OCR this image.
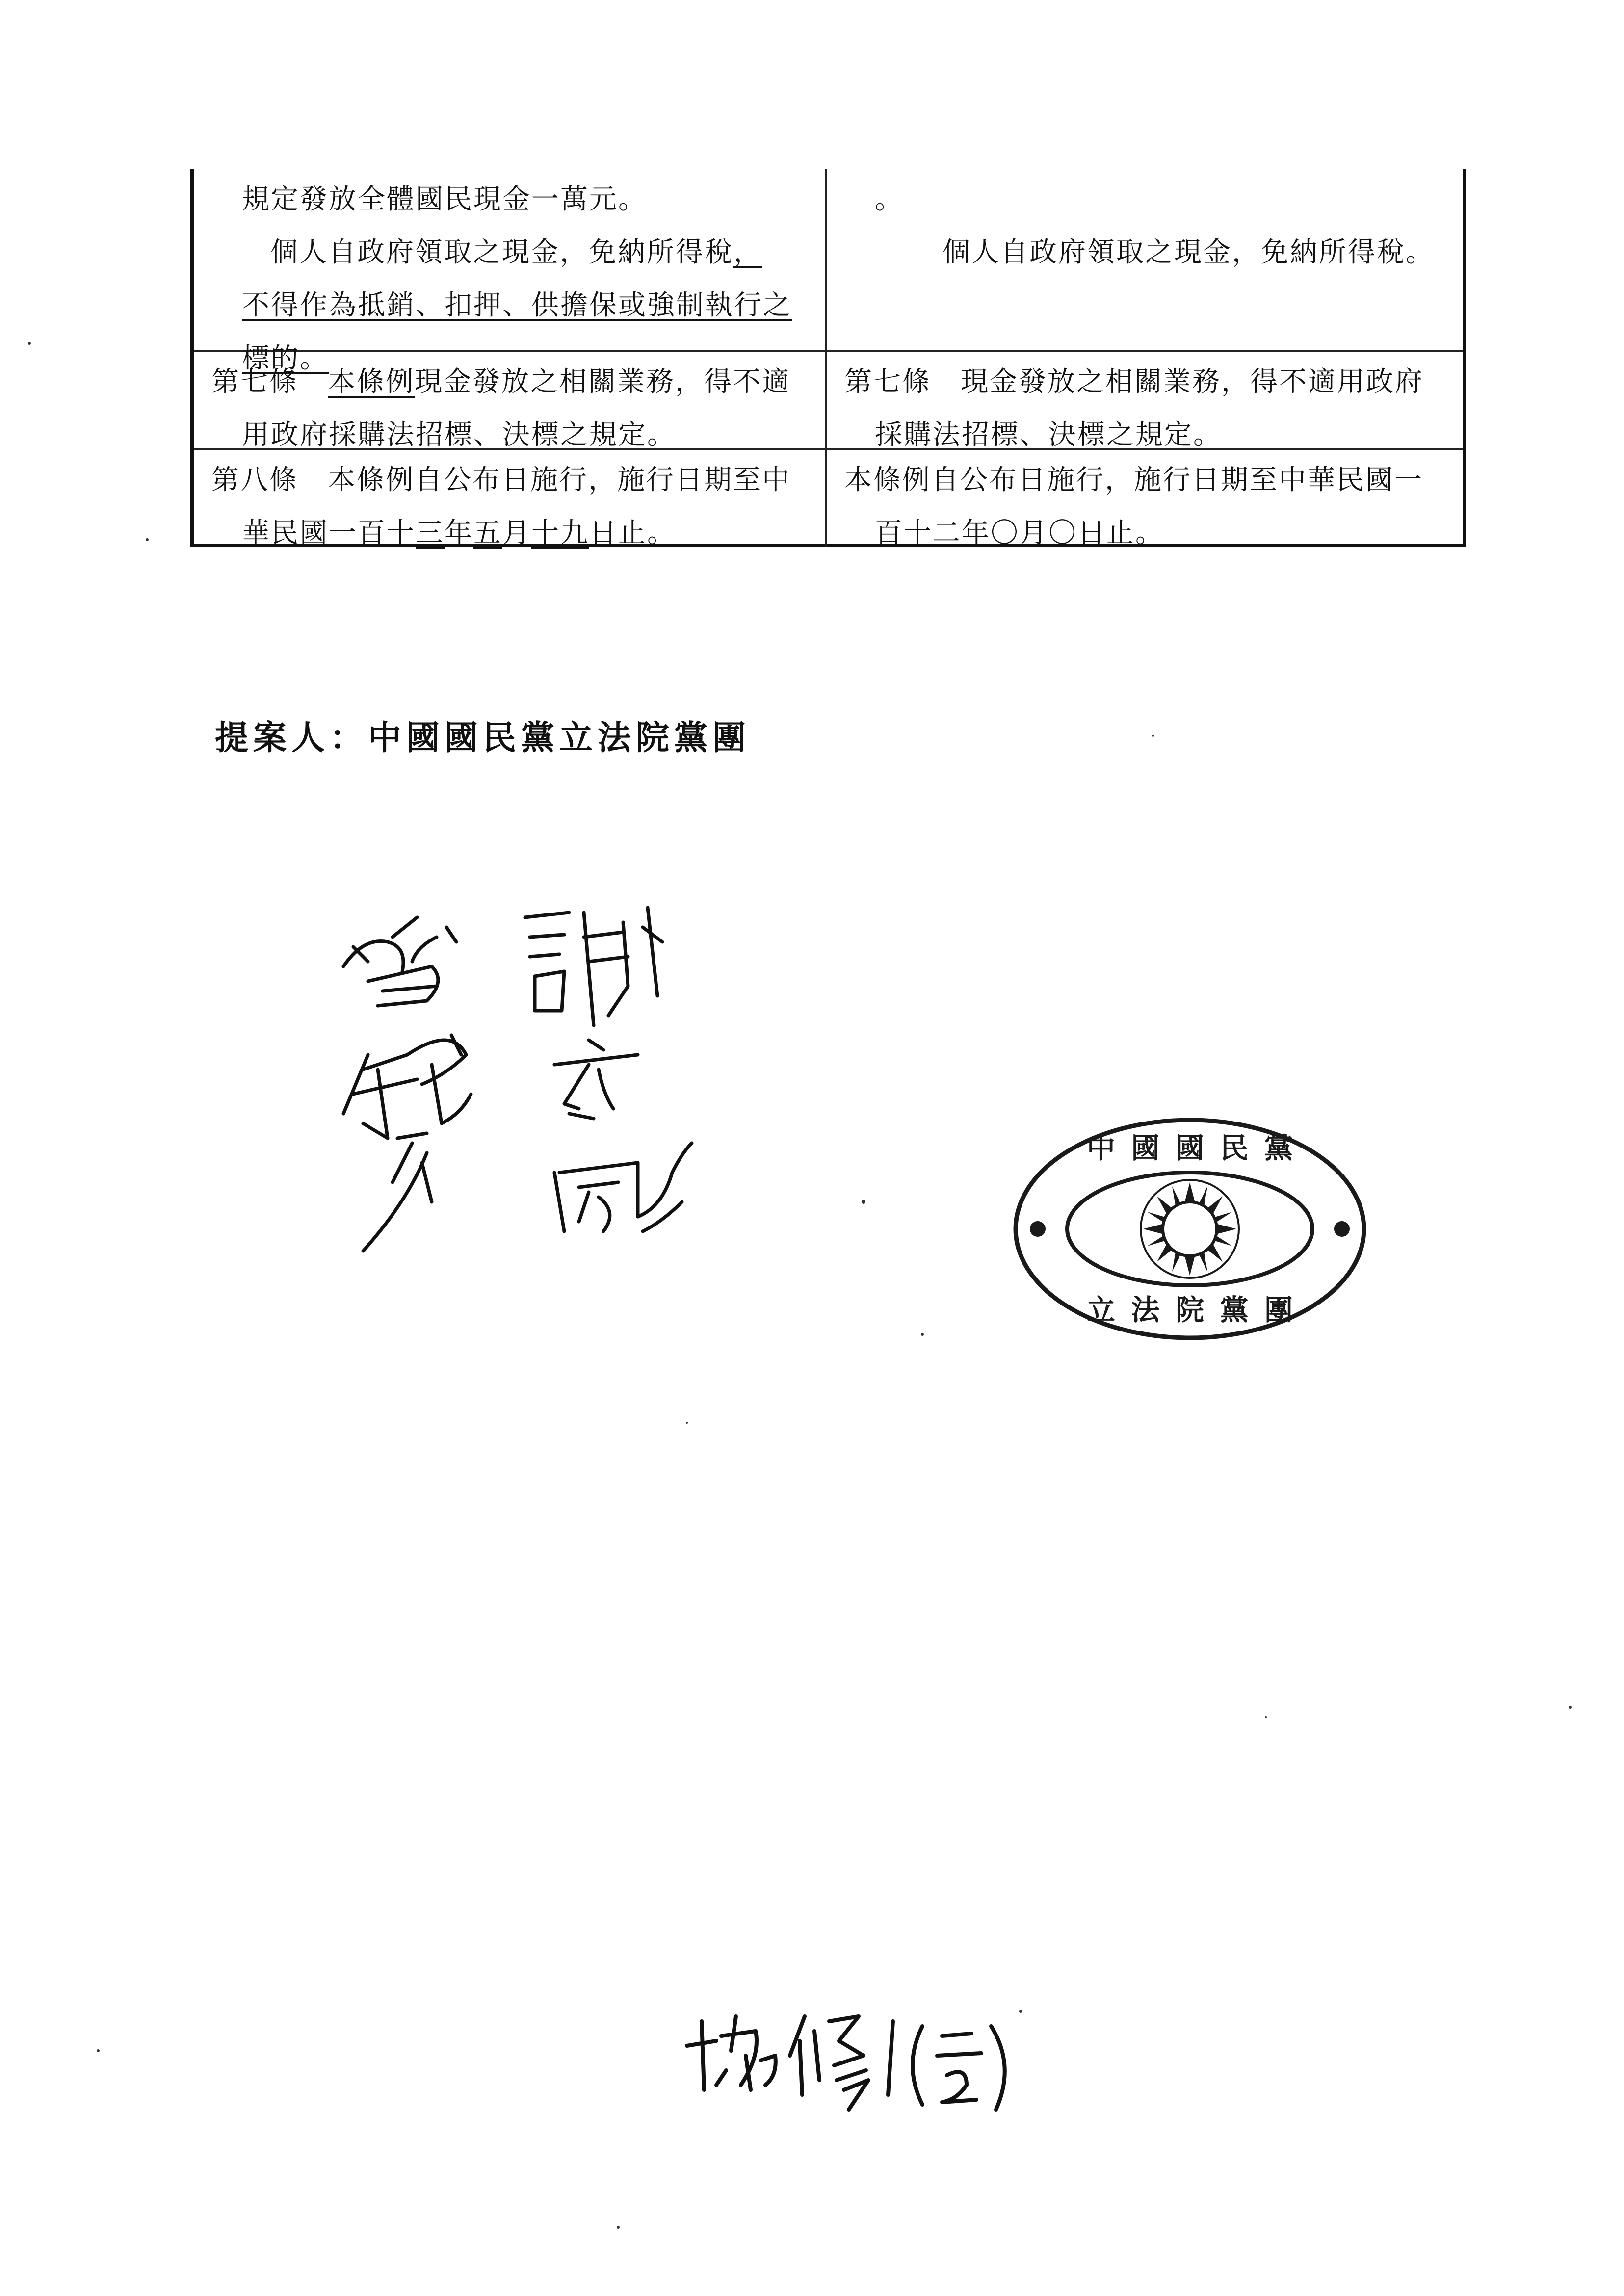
規定發放全體國民現金一萬元。
個人自政府領取之現金，免納所得稅，
不得作為抵銷、扣押、供擔保或強制執行之
標的。
。
個人自政府領取之現金，免納所得稅。
第七條 本條例現金發放之相關業務，得不適
用政府採購法招標、決標之規定。
第七條 現金發放之相關業務，得不適用政府
採購法招標、決標之規定。
第八條 本條例自公布日施行，施行日期至中
華民國一百十三年五月十九日止。
本條例自公布日施行，施行日期至中華民國一
百十二年〇月〇日止。
提案人：中國國民黨立法院黨團
中國國民黨
立法院黨團
